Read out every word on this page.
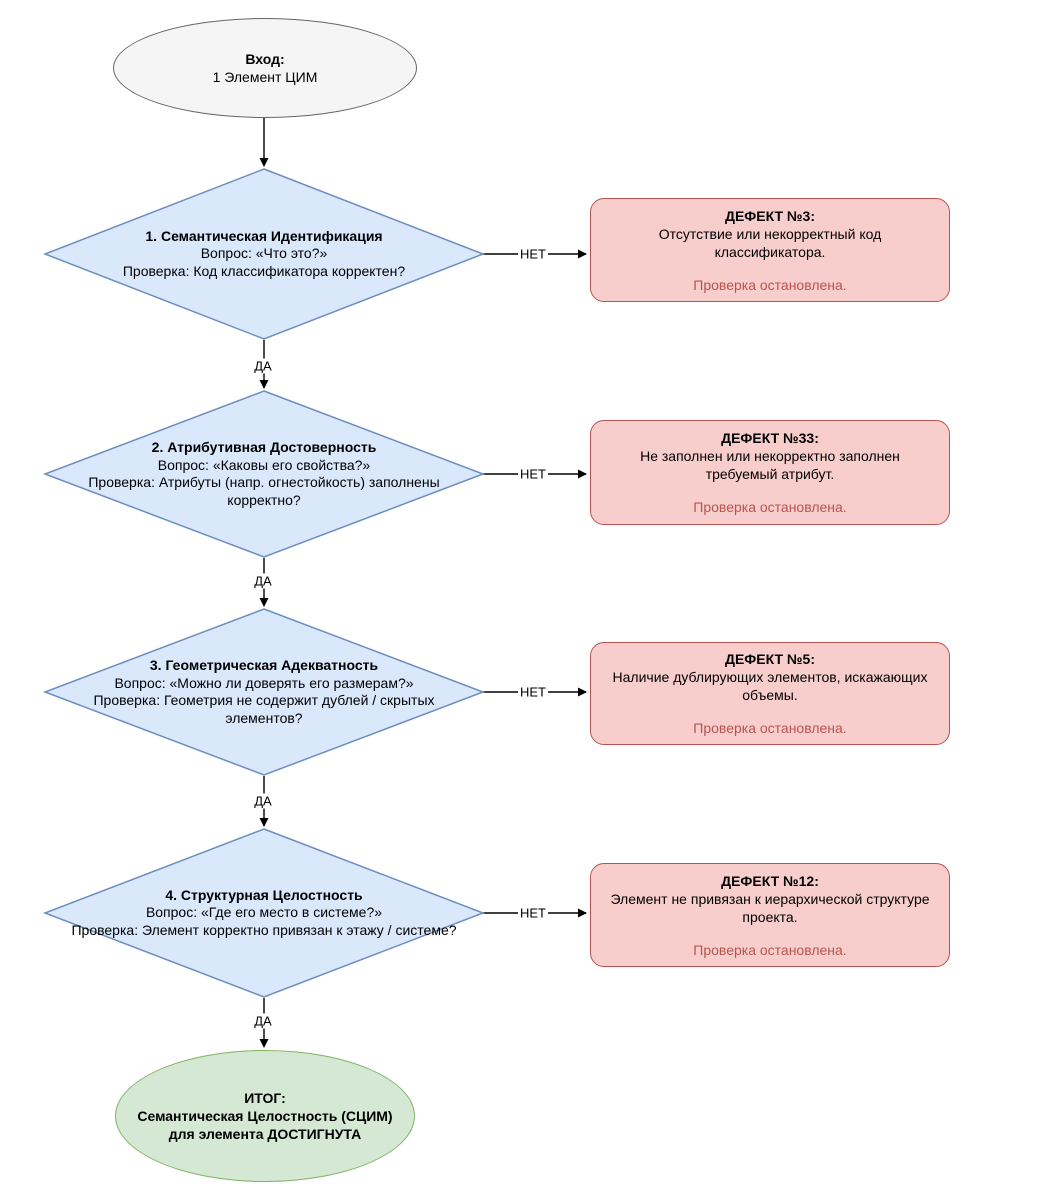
Вход:
1 Элемент ЦИМ
1. Семантическая Идентификация
Вопрос: «Что это?»
Проверка: Код классификатора корректен?
ДЕФЕКТ №3:
Отсутствие или некорректный код классификатора.
Проверка остановлена.
2. Атрибутивная Достоверность
Вопрос: «Каковы его свойства?»
Проверка: Атрибуты (напр. огнестойкость) заполнены корректно?
ДЕФЕКТ №33:
Не заполнен или некорректно заполнен требуемый атрибут.
Проверка остановлена.
3. Геометрическая Адекватность
Вопрос: «Можно ли доверять его размерам?»
Проверка: Геометрия не содержит дублей / скрытых элементов?
ДЕФЕКТ №5:
Наличие дублирующих элементов, искажающих объемы.
Проверка остановлена.
4. Структурная Целостность
Вопрос: «Где его место в системе?»
Проверка: Элемент корректно привязан к этажу / системе?
ДЕФЕКТ №12:
Элемент не привязан к иерархической структуре проекта.
Проверка остановлена.
ИТОГ:
Семантическая Целостность (СЦИМ)
для элемента ДОСТИГНУТА
НЕТ
НЕТ
НЕТ
НЕТ
ДА
ДА
ДА
ДА
